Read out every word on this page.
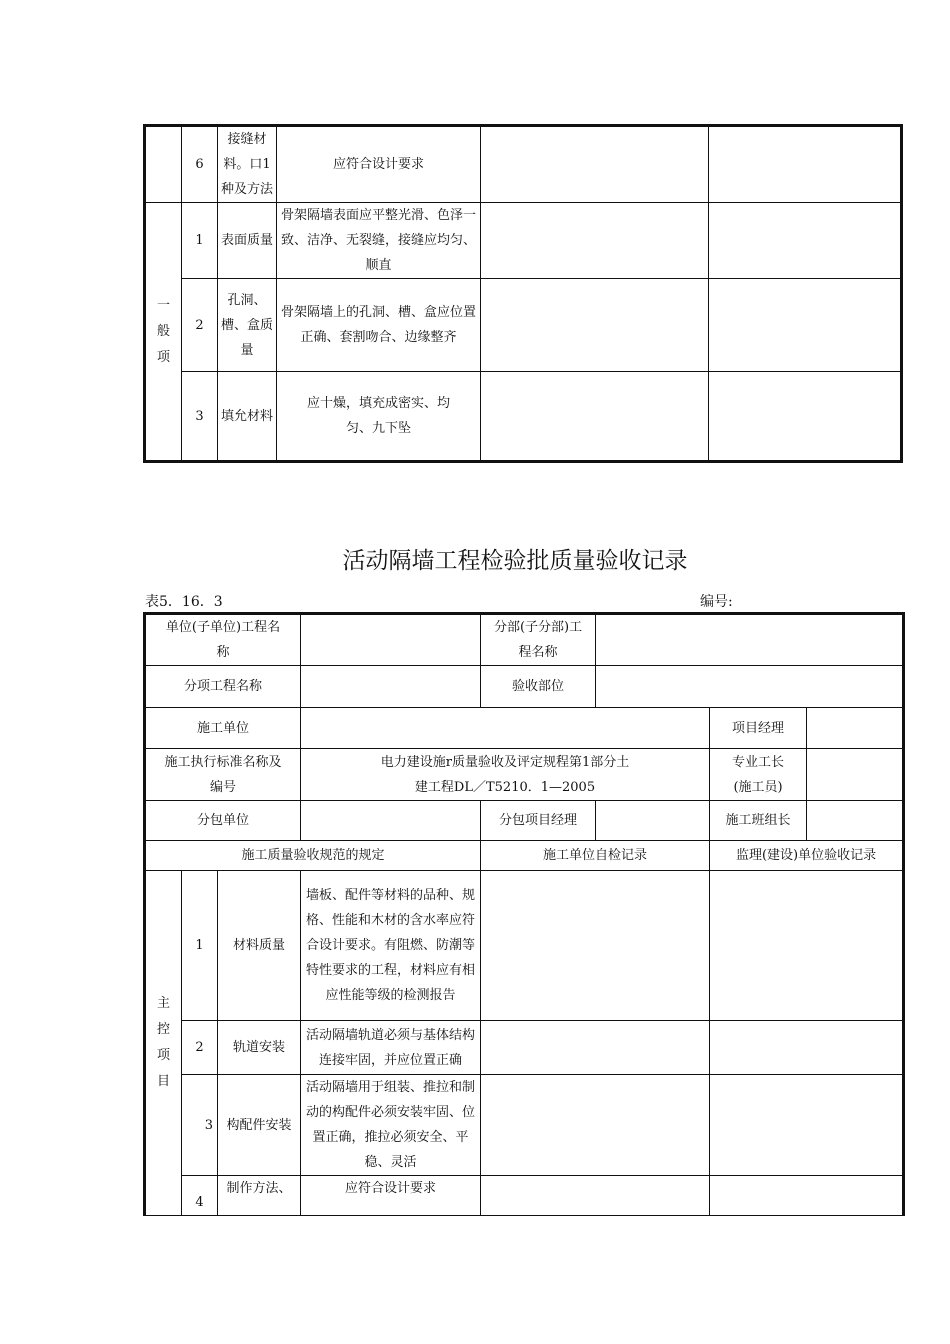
	6	接缝材料。口1种及方法	应符合设计要求		
一般项	1	表面质量	骨架隔墙表面应平整光滑、色泽一致、洁净、无裂缝，接缝应均匀、顺直		
	2	孔洞、槽、盒质量	骨架隔墙上的孔洞、槽、盒应位置正确、套割吻合、边缘整齐		
	3	填允材料	应十燥，填充成密实、均匀、九下坠		
活动隔墙工程检验批质量验收记录
表5．16．3	编号:
单位(子单位)工程名称				分部(子分部)工程名称			
分项工程名称				验收部位			
施工单位						项目经理	
施工执行标准名称及编号			电力建设施r质量验收及评定规程第1部分土建工程DL／T5210．1—2005			专业工长(施工员)	
分包单位				分包项目经理		施工班组长	
施工质量验收规范的规定				施工单位自检记录		监理(建设)单位验收记录	
主控项目	1	材料质量	墙板、配件等材料的品种、规格、性能和木材的含水率应符合设计要求。有阻燃、防潮等特性要求的工程，材料应有相应性能等级的检测报告				
	2	轨道安装	活动隔墙轨道必须与基体结构连接牢固，并应位置正确				
	3	构配件安装	活动隔墙用于组装、推拉和制动的构配件必须安装牢固、位置正确，推拉必须安全、平稳、灵活				
	4	制作方法、	应符合设计要求				
